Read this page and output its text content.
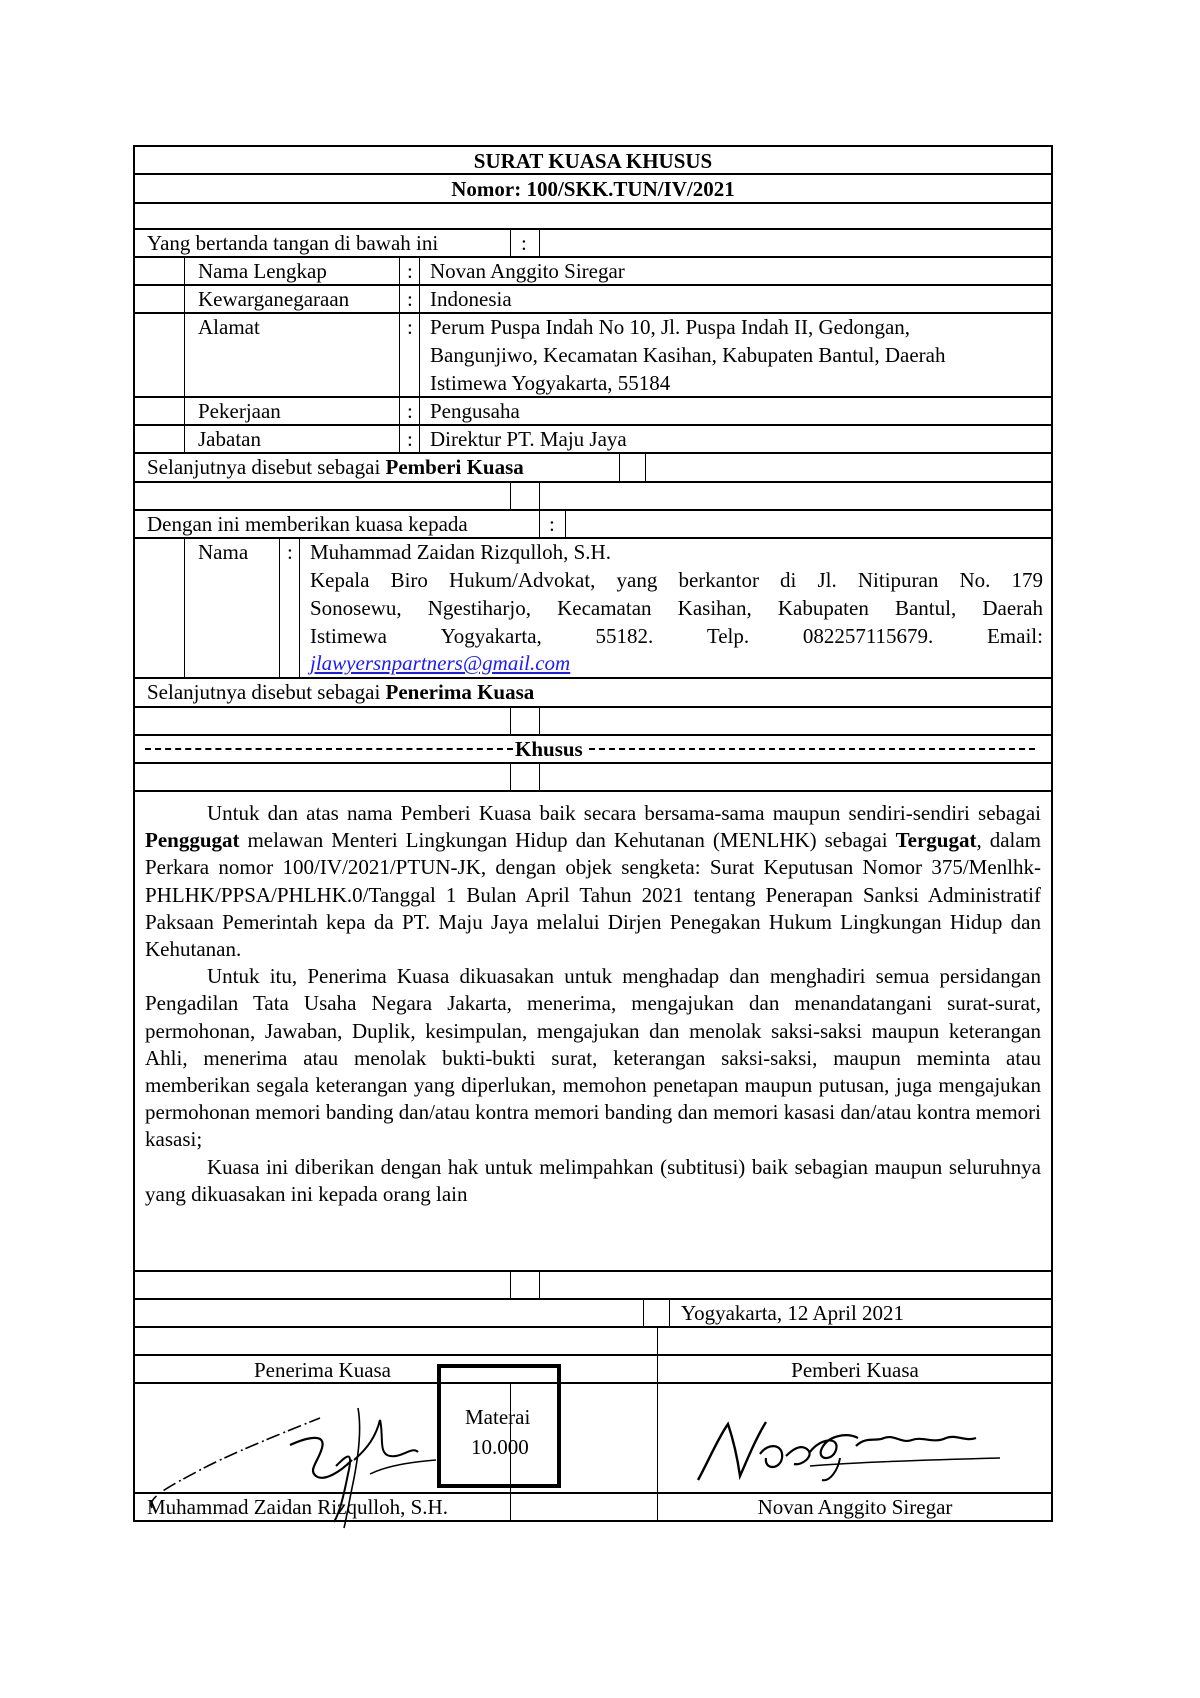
SURAT KUASA KHUSUS
Nomor: 100/SKK.TUN/IV/2021
Yang bertanda tangan di bawah ini	:
Nama Lengkap	: Novan Anggito Siregar
Kewarganegaraan	: Indonesia
Alamat	: Perum Puspa Indah No 10, Jl. Puspa Indah II, Gedongan,
Bangunjiwo, Kecamatan Kasihan, Kabupaten Bantul, Daerah
Istimewa Yogyakarta, 55184
Pekerjaan	: Pengusaha
Jabatan	: Direktur PT. Maju Jaya
Selanjutnya disebut sebagai Pemberi Kuasa
Dengan ini memberikan kuasa kepada	:
Nama : Muhammad Zaidan Rizqulloh, S.H.
Kepala Biro Hukum/Advokat, yang berkantor di Jl. Nitipuran No. 179
Sonosewu, Ngestiharjo, Kecamatan Kasihan, Kabupaten Bantul, Daerah
Istimewa	Yogyakarta,	55182.	Telp.	082257115679.	Email:
jlawyersnpartners@gmail.com
Selanjutnya disebut sebagai Penerima Kuasa
Khusus

Untuk dan atas nama Pemberi Kuasa baik secara bersama-sama maupun sendiri-sendiri sebagai Penggugat melawan Menteri Lingkungan Hidup dan Kehutanan (MENLHK) sebagai Tergugat, dalam Perkara nomor 100/IV/2021/PTUN-JK, dengan objek sengketa: Surat Keputusan Nomor 375/Menlhk-PHLHK/PPSA/PHLHK.0/Tanggal 1 Bulan April Tahun 2021 tentang Penerapan Sanksi Administratif Paksaan Pemerintah kepa da PT. Maju Jaya melalui Dirjen Penegakan Hukum Lingkungan Hidup dan Kehutanan.

Untuk itu, Penerima Kuasa dikuasakan untuk menghadap dan menghadiri semua persidangan Pengadilan Tata Usaha Negara Jakarta, menerima, mengajukan dan menandatangani surat-surat, permohonan, Jawaban, Duplik, kesimpulan, mengajukan dan menolak saksi-saksi maupun keterangan Ahli, menerima atau menolak bukti-bukti surat, keterangan saksi-saksi, maupun meminta atau memberikan segala keterangan yang diperlukan, memohon penetapan maupun putusan, juga mengajukan permohonan memori banding dan/atau kontra memori banding dan memori kasasi dan/atau kontra memori kasasi;

Kuasa ini diberikan dengan hak untuk melimpahkan (subtitusi) baik sebagian maupun seluruhnya yang dikuasakan ini kepada orang lain

Yogyakarta, 12 April 2021
Penerima Kuasa	Pemberi Kuasa
Muhammad Zaidan Rizqulloh, S.H.	Novan Anggito Siregar
Materai
10.000
